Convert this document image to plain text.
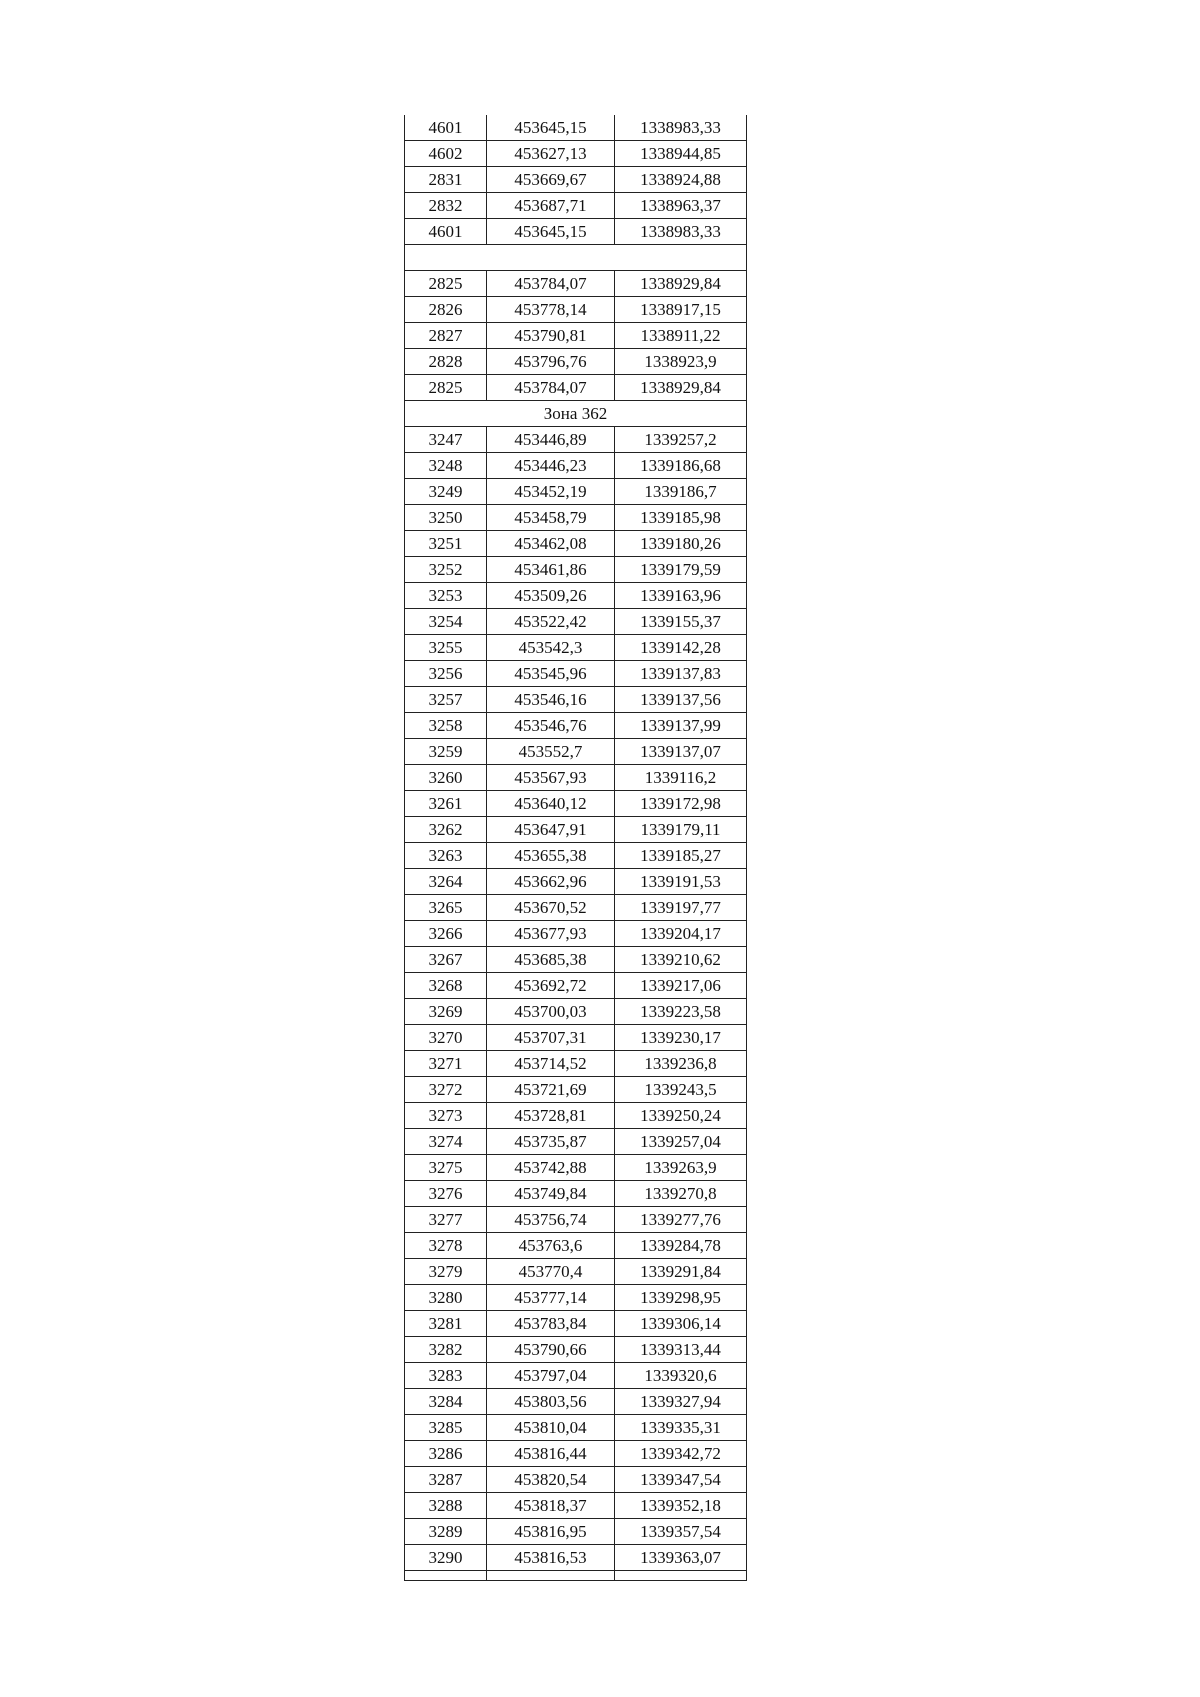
4601	453645,15	1338983,33
4602	453627,13	1338944,85
2831	453669,67	1338924,88
2832	453687,71	1338963,37
4601	453645,15	1338983,33

2825	453784,07	1338929,84
2826	453778,14	1338917,15
2827	453790,81	1338911,22
2828	453796,76	1338923,9
2825	453784,07	1338929,84
Зона 362		
3247	453446,89	1339257,2
3248	453446,23	1339186,68
3249	453452,19	1339186,7
3250	453458,79	1339185,98
3251	453462,08	1339180,26
3252	453461,86	1339179,59
3253	453509,26	1339163,96
3254	453522,42	1339155,37
3255	453542,3	1339142,28
3256	453545,96	1339137,83
3257	453546,16	1339137,56
3258	453546,76	1339137,99
3259	453552,7	1339137,07
3260	453567,93	1339116,2
3261	453640,12	1339172,98
3262	453647,91	1339179,11
3263	453655,38	1339185,27
3264	453662,96	1339191,53
3265	453670,52	1339197,77
3266	453677,93	1339204,17
3267	453685,38	1339210,62
3268	453692,72	1339217,06
3269	453700,03	1339223,58
3270	453707,31	1339230,17
3271	453714,52	1339236,8
3272	453721,69	1339243,5
3273	453728,81	1339250,24
3274	453735,87	1339257,04
3275	453742,88	1339263,9
3276	453749,84	1339270,8
3277	453756,74	1339277,76
3278	453763,6	1339284,78
3279	453770,4	1339291,84
3280	453777,14	1339298,95
3281	453783,84	1339306,14
3282	453790,66	1339313,44
3283	453797,04	1339320,6
3284	453803,56	1339327,94
3285	453810,04	1339335,31
3286	453816,44	1339342,72
3287	453820,54	1339347,54
3288	453818,37	1339352,18
3289	453816,95	1339357,54
3290	453816,53	1339363,07
